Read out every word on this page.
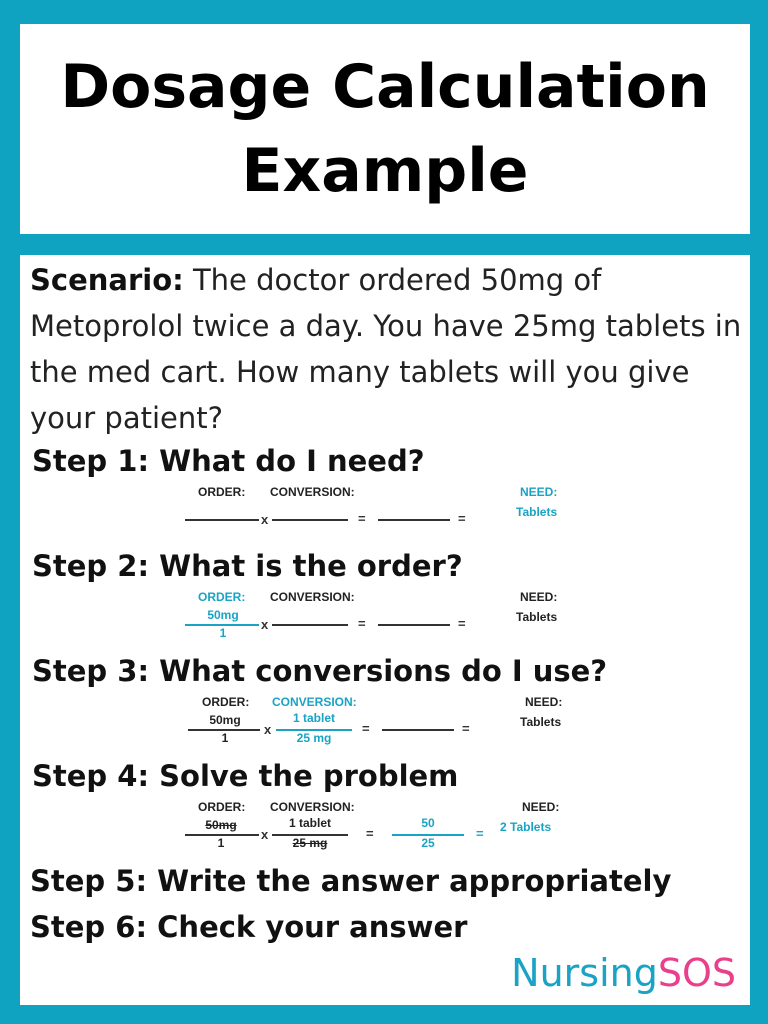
Dosage Calculation
Example
Scenario: The doctor ordered 50mg of Metoprolol twice a day. You have 25mg tablets in the med cart. How many tablets will you give your patient?
Step 1: What do I need?
ORDER: CONVERSION:	NEED:
Tablets
x	=	=
Step 2: What is the order?
ORDER: CONVERSION:	NEED:
Tablets
50mg
1
x	=	=
Step 3: What conversions do I use?
ORDER: CONVERSION:	NEED:
Tablets
50mg
1
x
1 tablet
25 mg
=	=
Step 4: Solve the problem
ORDER: CONVERSION:	NEED:
50mg
1
x
1 tablet
25 mg
=
50
25
= 2 Tablets
Step 5: Write the answer appropriately
Step 6: Check your answer
NursingSOS
